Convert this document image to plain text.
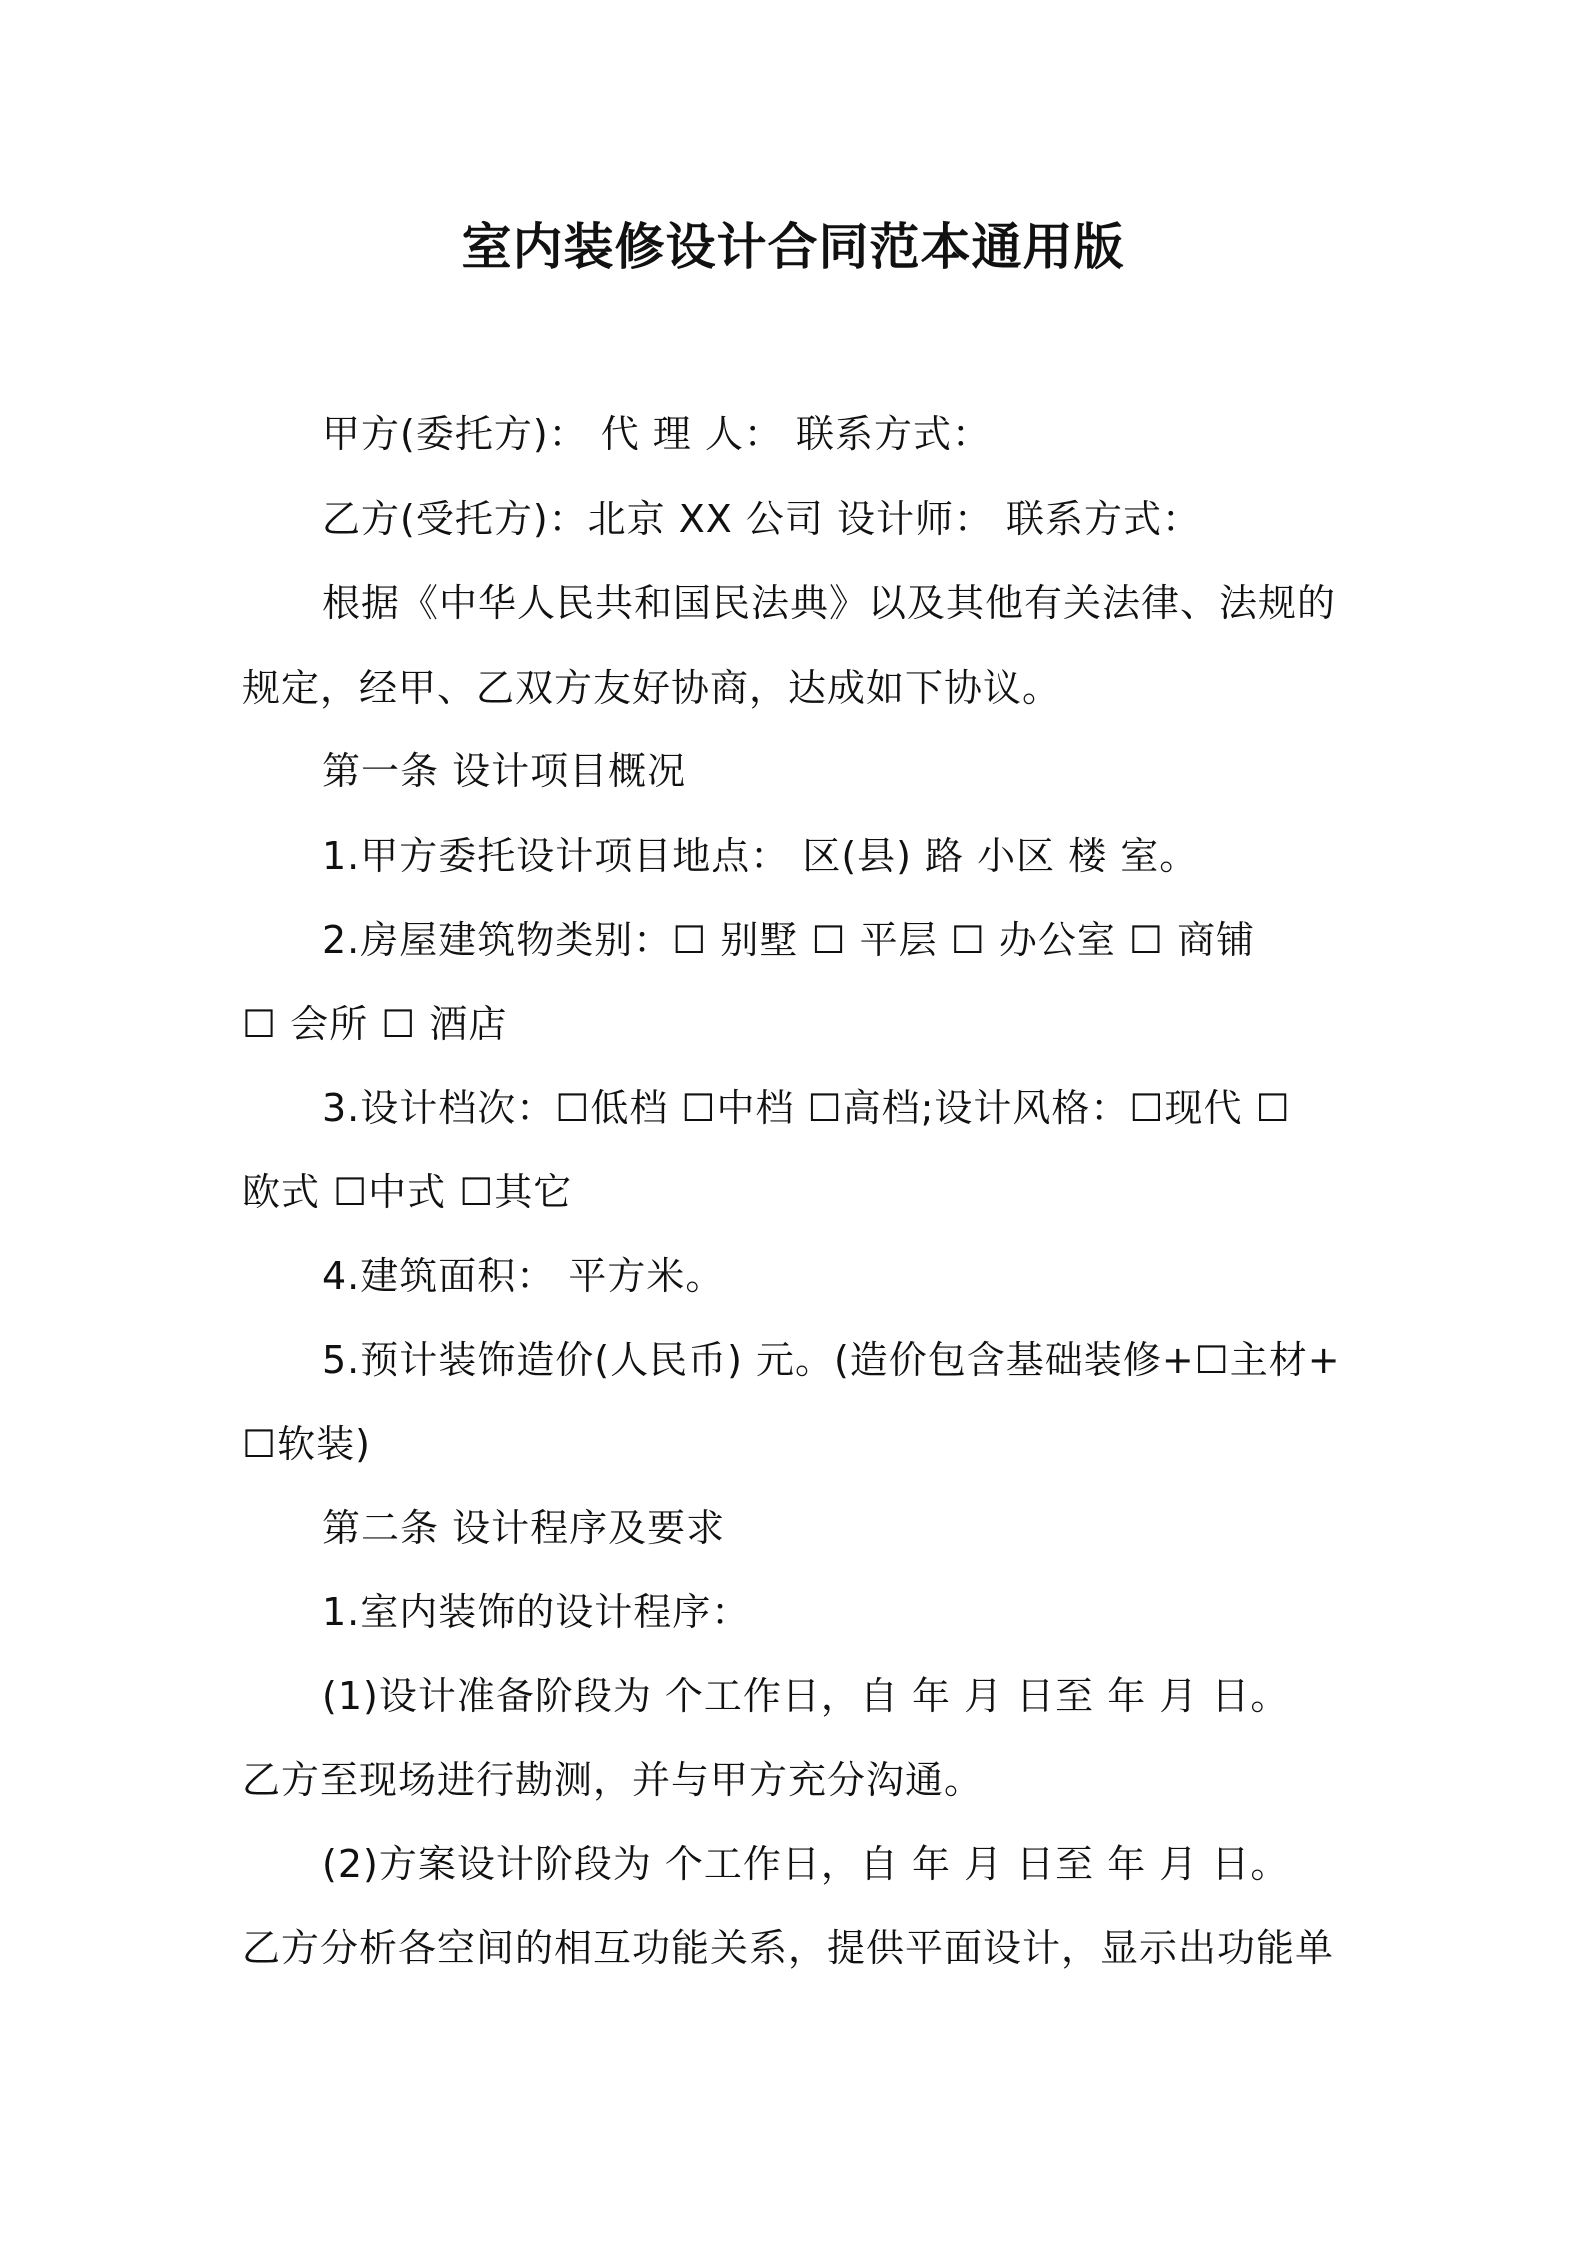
室内装修设计合同范本通用版
甲方(委托方)： 代 理 人： 联系方式：
乙方(受托方)：北京 XX 公司 设计师： 联系方式：
根据《中华人民共和国民法典》以及其他有关法律、法规的
规定，经甲、乙双方友好协商，达成如下协议。
第一条 设计项目概况
1.甲方委托设计项目地点： 区(县) 路 小区 楼 室。
2.房屋建筑物类别：☐ 别墅 ☐ 平层 ☐ 办公室 ☐ 商铺
☐ 会所 ☐ 酒店
3.设计档次：☐低档 ☐中档 ☐高档;设计风格：☐现代 ☐
欧式 ☐中式 ☐其它
4.建筑面积： 平方米。
5.预计装饰造价(人民币) 元。(造价包含基础装修+☐主材+
☐软装)
第二条 设计程序及要求
1.室内装饰的设计程序：
(1)设计准备阶段为 个工作日，自 年 月 日至 年 月 日。
乙方至现场进行勘测，并与甲方充分沟通。
(2)方案设计阶段为 个工作日，自 年 月 日至 年 月 日。
乙方分析各空间的相互功能关系，提供平面设计，显示出功能单
